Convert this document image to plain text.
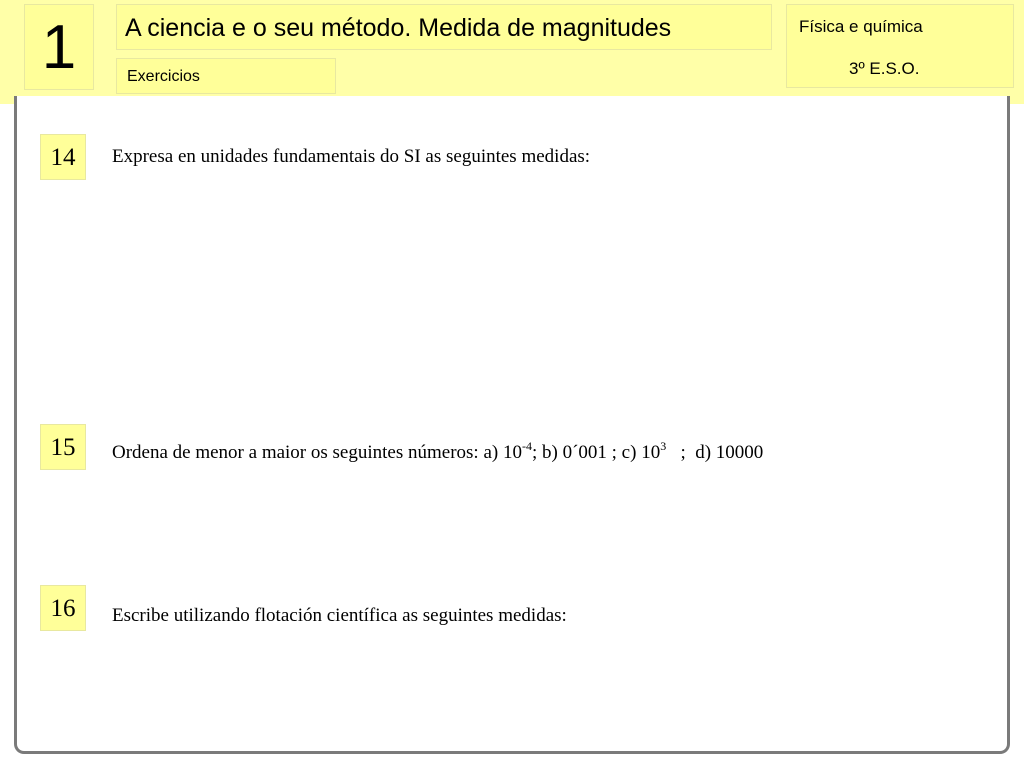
1	A ciencia e o seu método. Medida de magnitudes
Exercicios
Física e química
3º E.S.O.
14	Expresa en unidades fundamentais do SI as seguintes medidas:
15	Ordena de menor a maior os seguintes números: a) $10^{-4}$; b) 0´001 ; c) $10^3$   ;  d) 10000
16	Escribe utilizando flotación científica as seguintes medidas:
